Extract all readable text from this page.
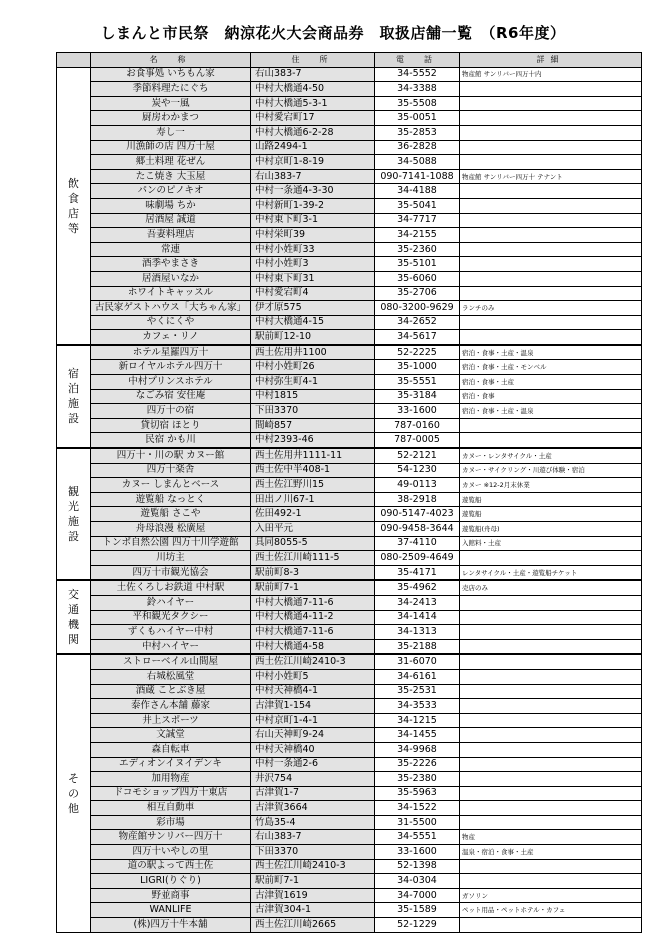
しまんと市民祭　納涼花火大会商品券　取扱店舗一覧　（R6年度）
	名　称	住　所	電　話	詳細
飲食店等	お食事処 いちもん家	右山383-7	34-5552	物産館 サンリバー四万十内
	季節料理たにぐち	中村大橋通4-50	34-3388	
	炭や一風	中村大橋通5-3-1	35-5508	
	厨房わかまつ	中村愛宕町17	35-0051	
	寿し一	中村大橋通6-2-28	35-2853	
	川漁師の店 四万十屋	山路2494-1	36-2828	
	郷土料理 花ぜん	中村京町1-8-19	34-5088	
	たこ焼き 大玉屋	右山383-7	090-7141-1088	物産館 サンリバー四万十 テナント
	パンのピノキオ	中村一条通4-3-30	34-4188	
	味劇場 ちか	中村新町1-39-2	35-5041	
	居酒屋 誠道	中村東下町3-1	34-7717	
	吾妻料理店	中村栄町39	34-2155	
	常連	中村小姓町33	35-2360	
	酒季やまさき	中村小姓町3	35-5101	
	居酒屋いなか	中村東下町31	35-6060	
	ホワイトキャッスル	中村愛宕町4	35-2706	
	古民家ゲストハウス「大ちゃん家」	伊才原575	080-3200-9629	ランチのみ
	やくにくや	中村大橋通4-15	34-2652	
	カフェ・リノ	駅前町12-10	34-5617	
宿泊施設	ホテル星羅四万十	西土佐用井1100	52-2225	宿泊・食事・土産・温泉
	新ロイヤルホテル四万十	中村小姓町26	35-1000	宿泊・食事・土産・モンベル
	中村プリンスホテル	中村弥生町4-1	35-5551	宿泊・食事・土産
	なごみ宿 安住庵	中村1815	35-3184	宿泊・食事
	四万十の宿	下田3370	33-1600	宿泊・食事・土産・温泉
	貸切宿 ほとり	間崎857	787-0160	
	民宿 かも川	中村2393-46	787-0005	
観光施設	四万十・川の駅 カヌー館	西土佐用井1111-11	52-2121	カヌー・レンタサイクル・土産
	四万十楽舎	西土佐中半408-1	54-1230	カヌー・サイクリング・川遊び体験・宿泊
	カヌー しまんとベース	西土佐江野川15	49-0113	カヌー ※12-2月末休業
	遊覧船 なっとく	田出ノ川67-1	38-2918	遊覧船
	遊覧船 さこや	佐田492-1	090-5147-4023	遊覧船
	舟母浪漫 松廣屋	入田平元	090-9458-3644	遊覧船(舟母)
	トンボ自然公園 四万十川学遊館	具同8055-5	37-4110	入館料・土産
	川坊主	西土佐江川崎111-5	080-2509-4649	
	四万十市観光協会	駅前町8-3	35-4171	レンタサイクル・土産・遊覧船チケット
交通機関	土佐くろしお鉄道 中村駅	駅前町7-1	35-4962	売店のみ
	鈴ハイヤー	中村大橋通7-11-6	34-2413	
	平和観光タクシー	中村大橋通4-11-2	34-1414	
	ずくもハイヤー中村	中村大橋通7-11-6	34-1313	
	中村ハイヤー	中村大橋通4-58	35-2188	
その他	ストローベイル山間屋	西土佐江川崎2410-3	31-6070	
	右城松風堂	中村小姓町5	34-6161	
	酒蔵 ことぶき屋	中村天神橋4-1	35-2531	
	泰作さん本舗 藤家	古津賀1-154	34-3533	
	井上スポーツ	中村京町1-4-1	34-1215	
	文誠堂	右山天神町9-24	34-1455	
	森自転車	中村天神橋40	34-9968	
	エディオンイヌイデンキ	中村一条通2-6	35-2226	
	加用物産	井沢754	35-2380	
	ドコモショップ四万十東店	古津賀1-7	35-5963	
	相互自動車	古津賀3664	34-1522	
	彩市場	竹島35-4	31-5500	
	物産館サンリバー四万十	右山383-7	34-5551	物産
	四万十いやしの里	下田3370	33-1600	温泉・宿泊・食事・土産
	道の駅よって西土佐	西土佐江川崎2410-3	52-1398	
	LIGRI(りぐり)	駅前町7-1	34-0304	
	野並商事	古津賀1619	34-7000	ガソリン
	WANLIFE	古津賀304-1	35-1589	ペット用品・ペットホテル・カフェ
	(株)四万十牛本舗	西土佐江川崎2665	52-1229	
